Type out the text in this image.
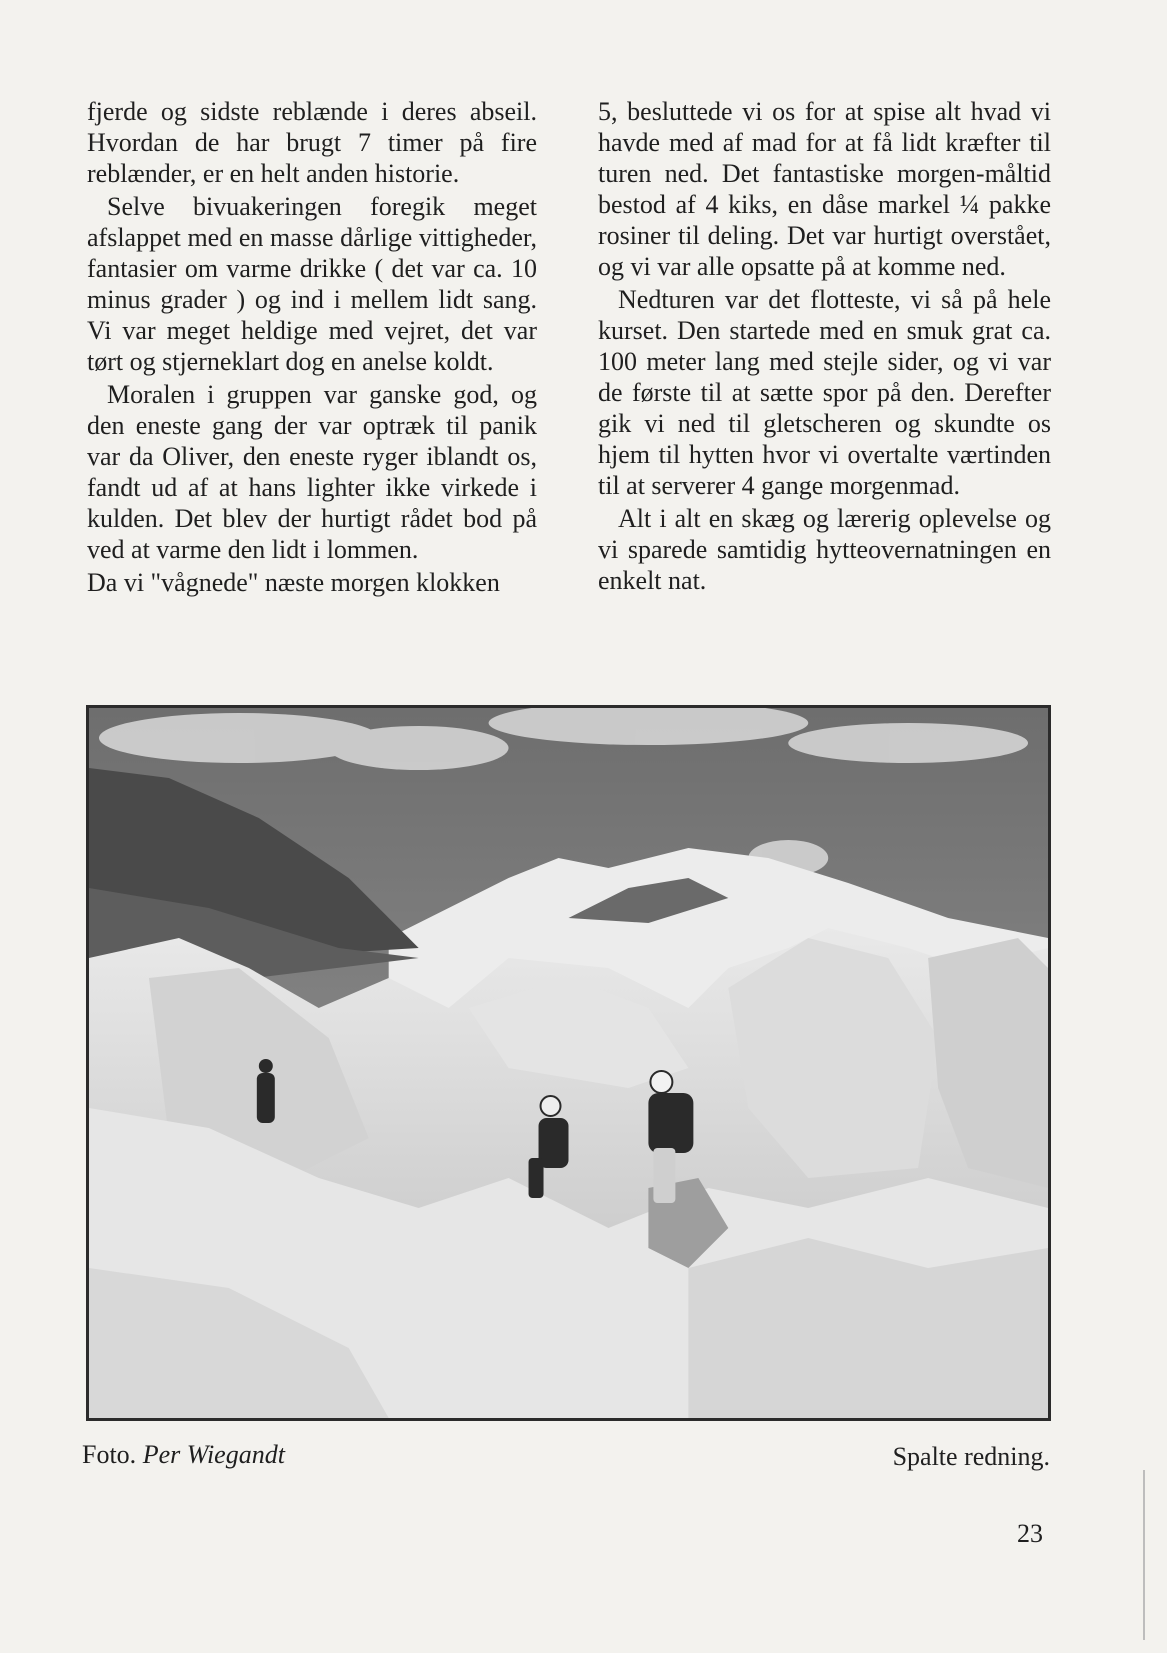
fjerde og sidste reblænde i deres abseil. Hvordan de har brugt 7 timer på fire reblænder, er en helt anden historie.

Selve bivuakeringen foregik meget afslappet med en masse dårlige vittigheder, fantasier om varme drikke ( det var ca. 10 minus grader ) og ind i mellem lidt sang. Vi var meget heldige med vejret, det var tørt og stjerneklart dog en anelse koldt.

Moralen i gruppen var ganske god, og den eneste gang der var optræk til panik var da Oliver, den eneste ryger iblandt os, fandt ud af at hans lighter ikke virkede i kulden. Det blev der hurtigt rådet bod på ved at varme den lidt i lommen.

Da vi "vågnede" næste morgen klokken

5, besluttede vi os for at spise alt hvad vi havde med af mad for at få lidt kræfter til turen ned. Det fantastiske morgen-måltid bestod af 4 kiks, en dåse markel ¼ pakke rosiner til deling. Det var hurtigt overstået, og vi var alle opsatte på at komme ned.

Nedturen var det flotteste, vi så på hele kurset. Den startede med en smuk grat ca. 100 meter lang med stejle sider, og vi var de første til at sætte spor på den. Derefter gik vi ned til gletscheren og skundte os hjem til hytten hvor vi overtalte værtinden til at serverer 4 gange morgenmad.

Alt i alt en skæg og lærerig oplevelse og vi sparede samtidig hytteovernatningen en enkelt nat.

Foto. Per Wiegandt	Spalte redning.
23
